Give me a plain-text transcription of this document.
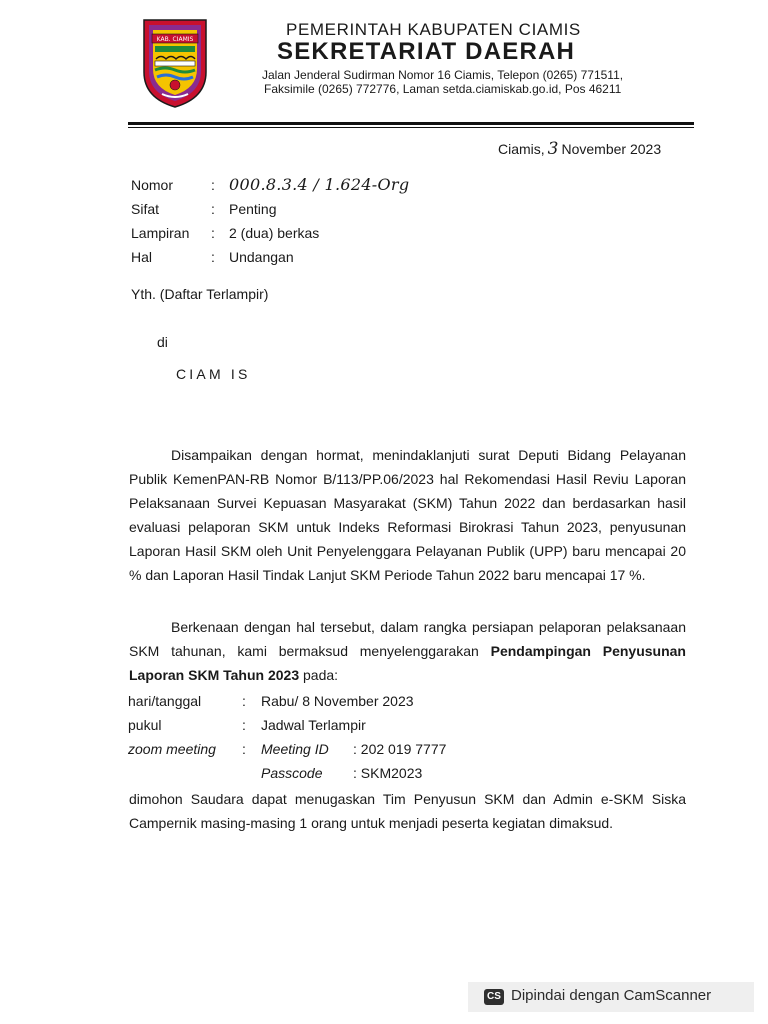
KAB. CIAMIS
PEMERINTAH KABUPATEN CIAMIS
SEKRETARIAT DAERAH
Jalan Jenderal Sudirman Nomor 16 Ciamis, Telepon (0265) 771511,
Faksimile (0265) 772776, Laman setda.ciamiskab.go.id, Pos 46211
Ciamis, 3 November 2023
Nomor	: 000.8.3.4 / 1.624-Org
Sifat	: Penting
Lampiran : 2 (dua) berkas
Hal	: Undangan
Yth. (Daftar Terlampir)
di
CIAM IS
Disampaikan dengan hormat, menindaklanjuti surat Deputi Bidang Pelayanan Publik KemenPAN-RB Nomor B/113/PP.06/2023 hal Rekomendasi Hasil Reviu Laporan Pelaksanaan Survei Kepuasan Masyarakat (SKM) Tahun 2022 dan berdasarkan hasil evaluasi pelaporan SKM untuk Indeks Reformasi Birokrasi Tahun 2023, penyusunan Laporan Hasil SKM oleh Unit Penyelenggara Pelayanan Publik (UPP) baru mencapai 20 % dan Laporan Hasil Tindak Lanjut SKM Periode Tahun 2022 baru mencapai 17 %.
Berkenaan dengan hal tersebut, dalam rangka persiapan pelaporan pelaksanaan SKM tahunan, kami bermaksud menyelenggarakan Pendampingan Penyusunan Laporan SKM Tahun 2023 pada:
hari/tanggal	: Rabu/ 8 November 2023
pukul	: Jadwal Terlampir
zoom meeting : Meeting ID : 202 019 7777
Passcode : SKM2023
dimohon Saudara dapat menugaskan Tim Penyusun SKM dan Admin e-SKM Siska Campernik masing-masing 1 orang untuk menjadi peserta kegiatan dimaksud.
CS Dipindai dengan CamScanner
